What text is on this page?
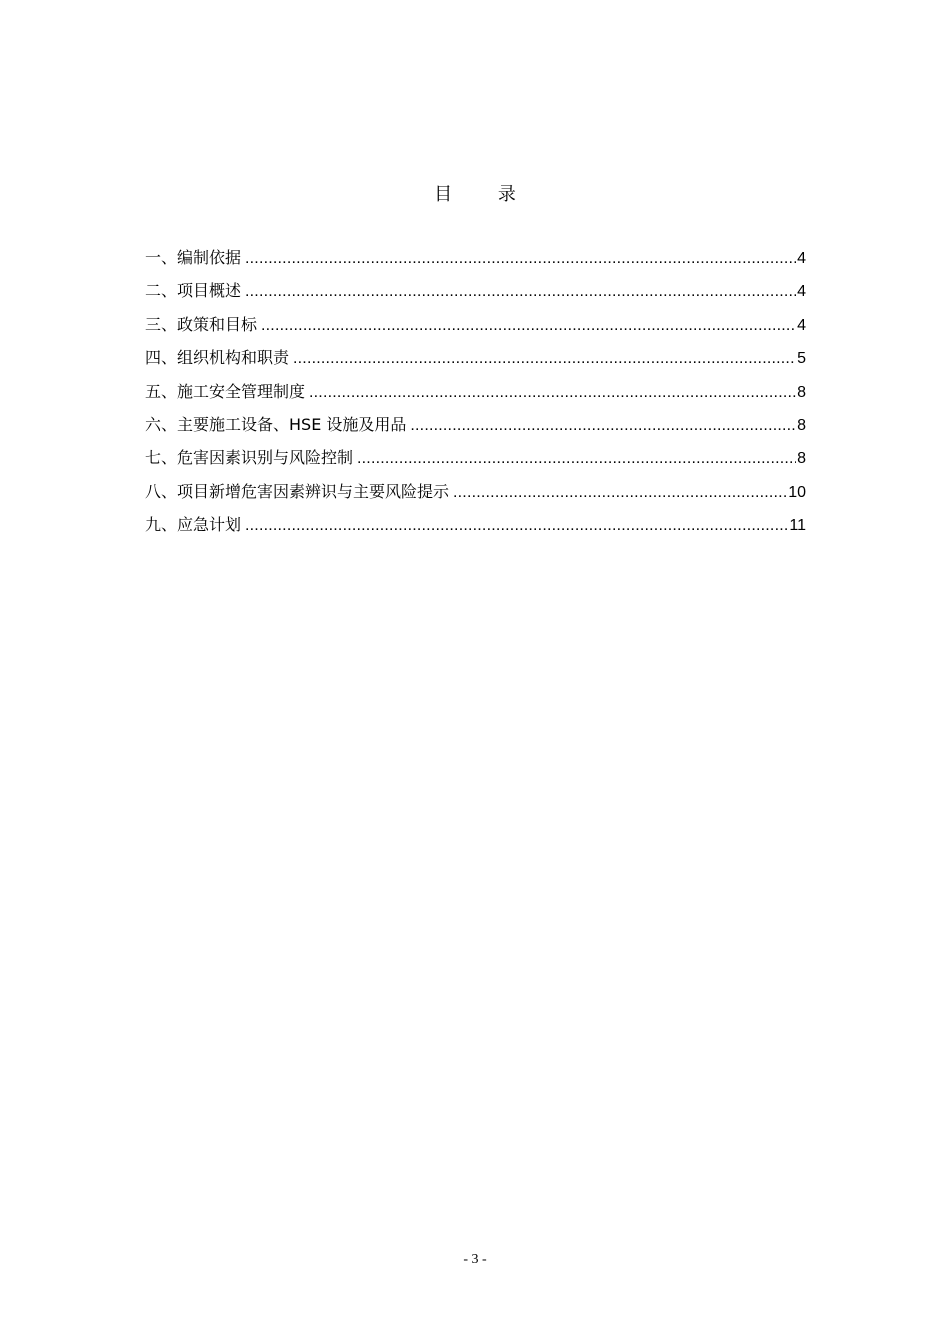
目 录
一、编制依据 .....	4
二、项目概述 .....	4
三、政策和目标 .....	4
四、组织机构和职责 .....	5
五、施工安全管理制度 .....	8
六、主要施工设备、HSE 设施及用品 .....	8
七、危害因素识别与风险控制 .....	8
八、项目新增危害因素辨识与主要风险提示 .....	10
九、应急计划 .....	11
- 3 -
